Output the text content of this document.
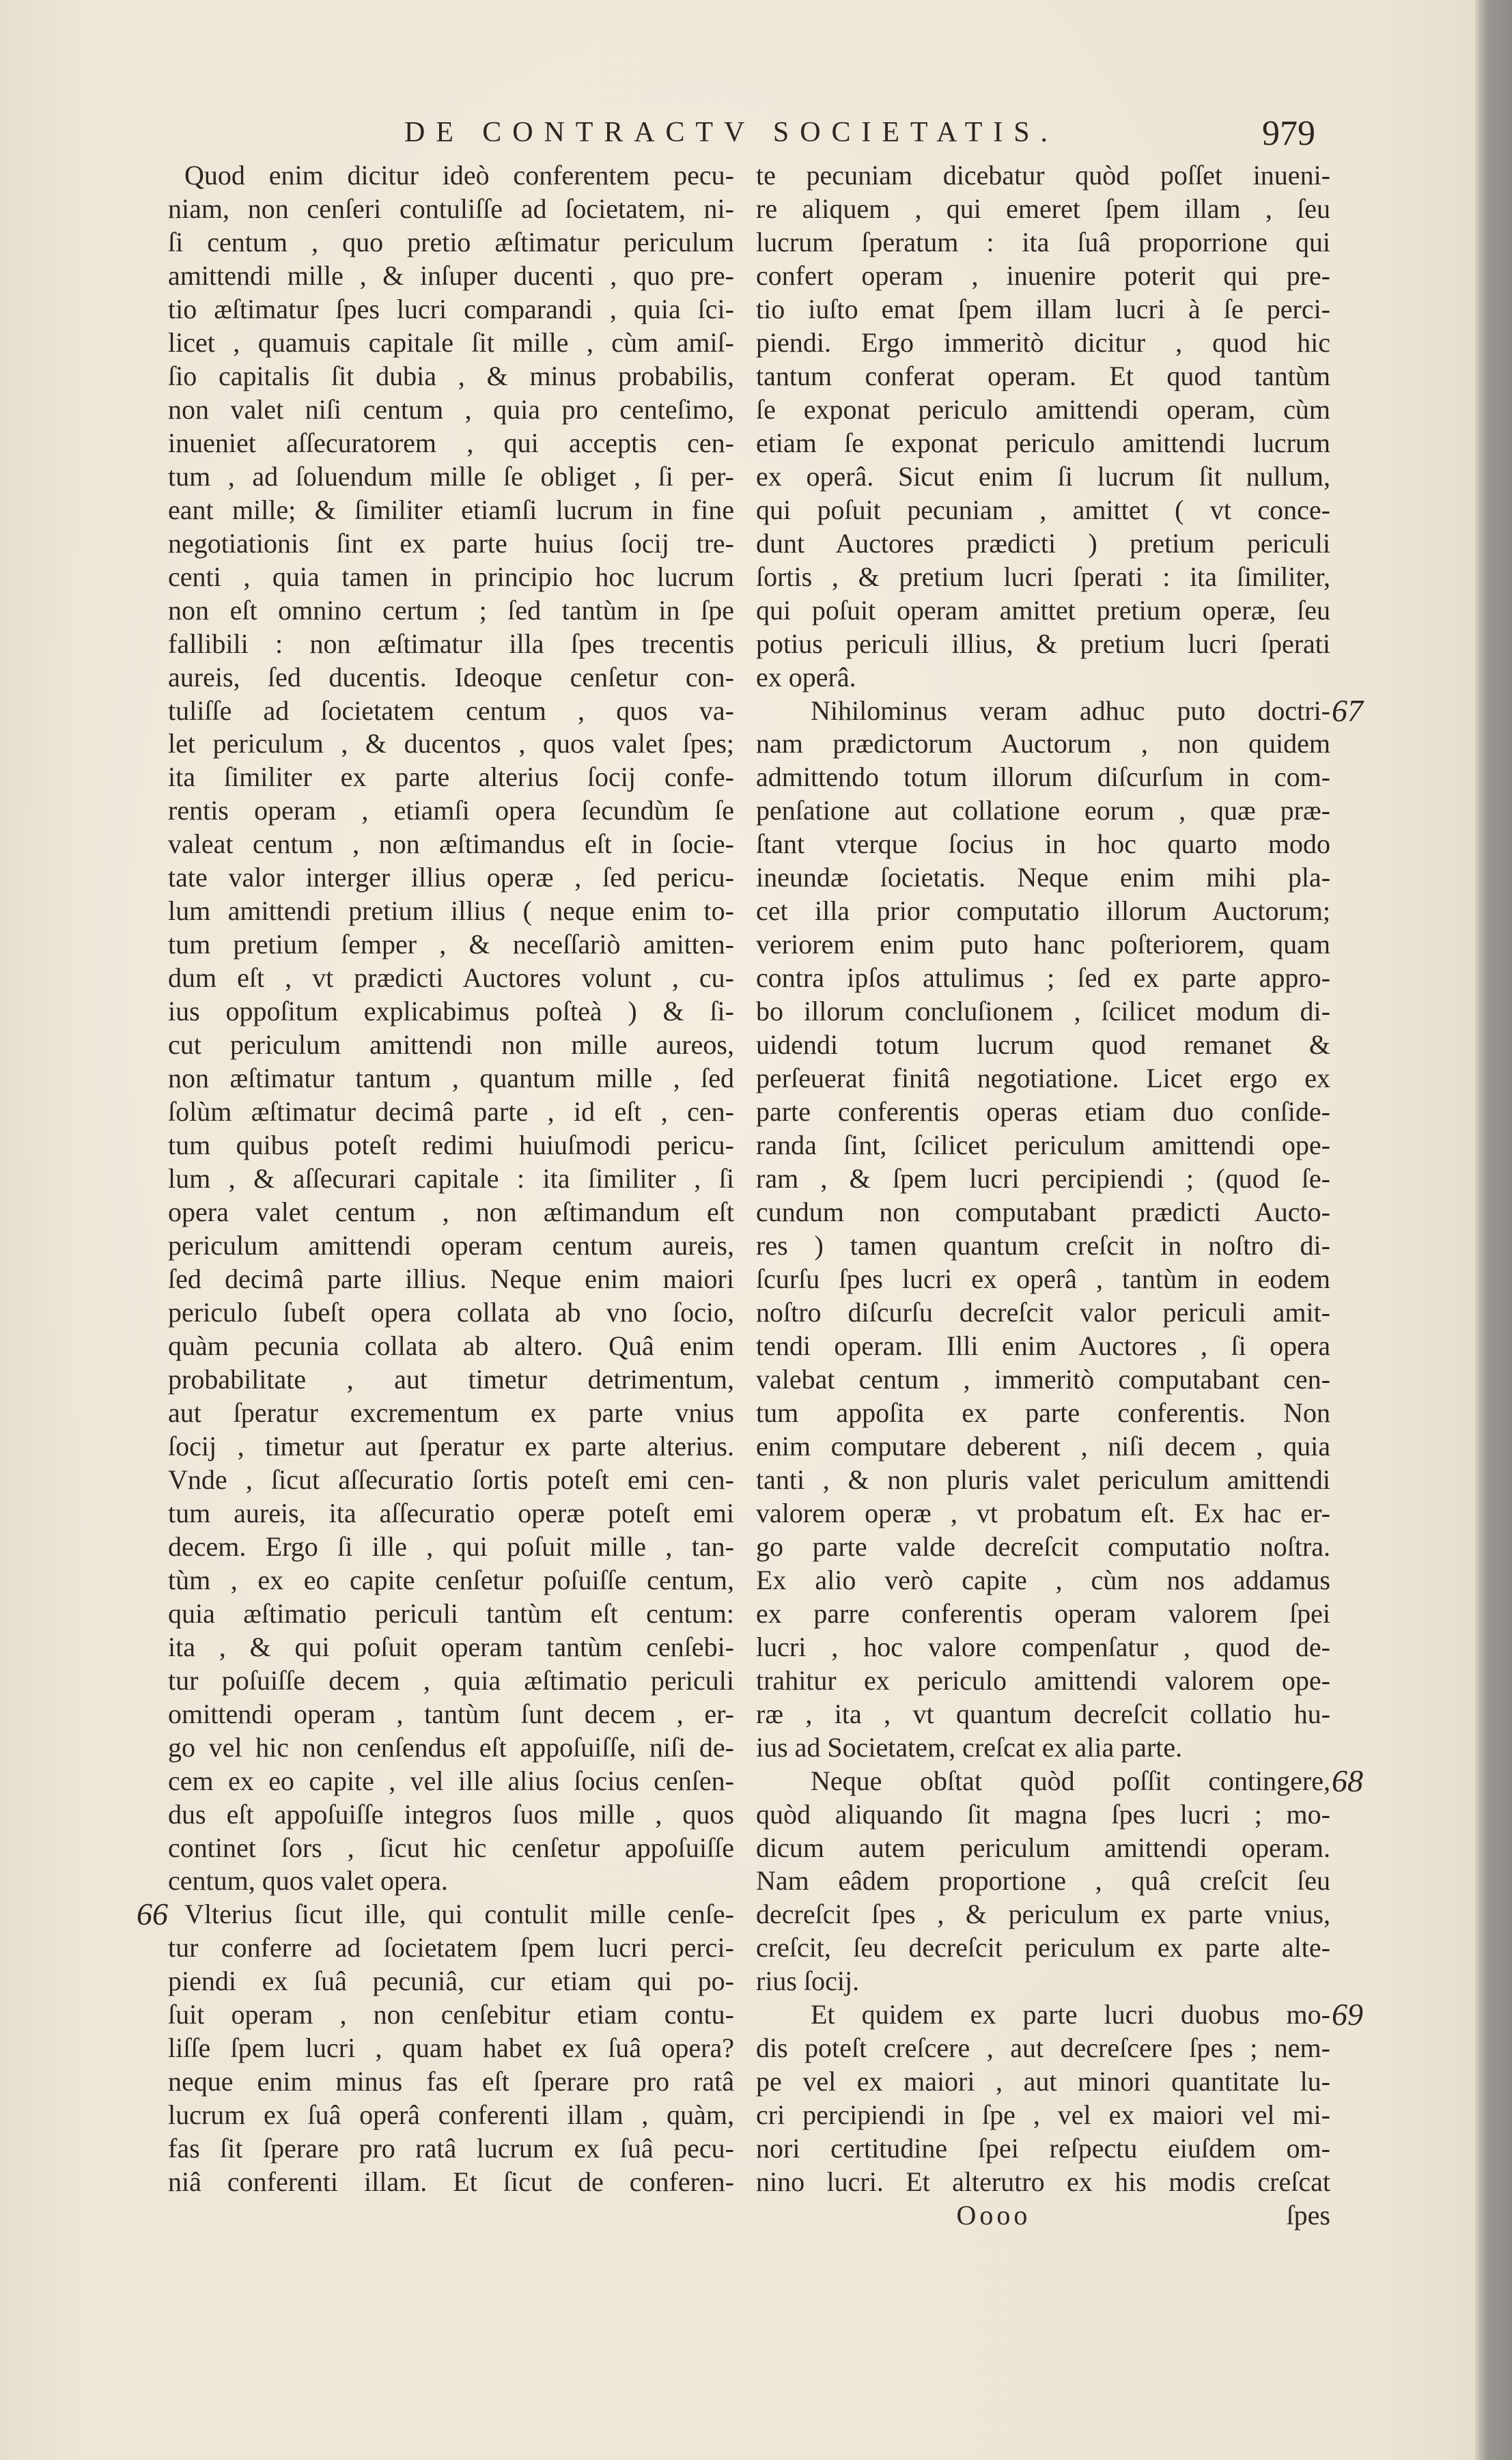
DE CONTRACTV SOCIETATIS.	979
Quod enim dicitur ideò conferentem pecu-
niam, non cenſeri contuliſſe ad ſocietatem, ni-
ſi centum , quo pretio æſtimatur periculum
amittendi mille , & inſuper ducenti , quo pre-
tio æſtimatur ſpes lucri comparandi , quia ſci-
licet , quamuis capitale ſit mille , cùm amiſ-
ſio capitalis ſit dubia , & minus probabilis,
non valet niſi centum , quia pro centeſimo,
inueniet aſſecuratorem , qui acceptis cen-
tum , ad ſoluendum mille ſe obliget , ſi per-
eant mille; & ſimiliter etiamſi lucrum in fine
negotiationis ſint ex parte huius ſocij tre-
centi , quia tamen in principio hoc lucrum
non eſt omnino certum ; ſed tantùm in ſpe
fallibili : non æſtimatur illa ſpes trecentis
aureis, ſed ducentis. Ideoque cenſetur con-
tuliſſe ad ſocietatem centum , quos va-
let periculum , & ducentos , quos valet ſpes;
ita ſimiliter ex parte alterius ſocij confe-
rentis operam , etiamſi opera ſecundùm ſe
valeat centum , non æſtimandus eſt in ſocie-
tate valor interger illius operæ , ſed pericu-
lum amittendi pretium illius ( neque enim to-
tum pretium ſemper , & neceſſariò amitten-
dum eſt , vt prædicti Auctores volunt , cu-
ius oppoſitum explicabimus poſteà ) & ſi-
cut periculum amittendi non mille aureos,
non æſtimatur tantum , quantum mille , ſed
ſolùm æſtimatur decimâ parte , id eſt , cen-
tum quibus poteſt redimi huiuſmodi pericu-
lum , & aſſecurari capitale : ita ſimiliter , ſi
opera valet centum , non æſtimandum eſt
periculum amittendi operam centum aureis,
ſed decimâ parte illius. Neque enim maiori
periculo ſubeſt opera collata ab vno ſocio,
quàm pecunia collata ab altero. Quâ enim
probabilitate , aut timetur detrimentum,
aut ſperatur excrementum ex parte vnius
ſocij , timetur aut ſperatur ex parte alterius.
Vnde , ſicut aſſecuratio ſortis poteſt emi cen-
tum aureis, ita aſſecuratio operæ poteſt emi
decem. Ergo ſi ille , qui poſuit mille , tan-
tùm , ex eo capite cenſetur poſuiſſe centum,
quia æſtimatio periculi tantùm eſt centum:
ita , & qui poſuit operam tantùm cenſebi-
tur poſuiſſe decem , quia æſtimatio periculi
omittendi operam , tantùm ſunt decem , er-
go vel hic non cenſendus eſt appoſuiſſe, niſi de-
cem ex eo capite , vel ille alius ſocius cenſen-
dus eſt appoſuiſſe integros ſuos mille , quos
continet ſors , ſicut hic cenſetur appoſuiſſe
centum, quos valet opera.
66 Vlterius ſicut ille, qui contulit mille cenſe-
tur conferre ad ſocietatem ſpem lucri perci-
piendi ex ſuâ pecuniâ, cur etiam qui po-
ſuit operam , non cenſebitur etiam contu-
liſſe ſpem lucri , quam habet ex ſuâ opera?
neque enim minus fas eſt ſperare pro ratâ
lucrum ex ſuâ operâ conferenti illam , quàm,
fas ſit ſperare pro ratâ lucrum ex ſuâ pecu-
niâ conferenti illam. Et ſicut de conferen-
te pecuniam dicebatur quòd poſſet inueni-
re aliquem , qui emeret ſpem illam , ſeu
lucrum ſperatum : ita ſuâ proporrione qui
confert operam , inuenire poterit qui pre-
tio iuſto emat ſpem illam lucri à ſe perci-
piendi. Ergo immeritò dicitur , quod hic
tantum conferat operam. Et quod tantùm
ſe exponat periculo amittendi operam, cùm
etiam ſe exponat periculo amittendi lucrum
ex operâ. Sicut enim ſi lucrum ſit nullum,
qui poſuit pecuniam , amittet ( vt conce-
dunt Auctores prædicti ) pretium periculi
ſortis , & pretium lucri ſperati : ita ſimiliter,
qui poſuit operam amittet pretium operæ, ſeu
potius periculi illius, & pretium lucri ſperati
ex operâ.
67
Nihilominus veram adhuc puto doctri-
nam prædictorum Auctorum , non quidem
admittendo totum illorum diſcurſum in com-
penſatione aut collatione eorum , quæ præ-
ſtant vterque ſocius in hoc quarto modo
ineundæ ſocietatis. Neque enim mihi pla-
cet illa prior computatio illorum Auctorum;
veriorem enim puto hanc poſteriorem, quam
contra ipſos attulimus ; ſed ex parte appro-
bo illorum concluſionem , ſcilicet modum di-
uidendi totum lucrum quod remanet &
perſeuerat finitâ negotiatione. Licet ergo ex
parte conferentis operas etiam duo conſide-
randa ſint, ſcilicet periculum amittendi ope-
ram , & ſpem lucri percipiendi ; (quod ſe-
cundum non computabant prædicti Aucto-
res ) tamen quantum creſcit in noſtro di-
ſcurſu ſpes lucri ex operâ , tantùm in eodem
noſtro diſcurſu decreſcit valor periculi amit-
tendi operam. Illi enim Auctores , ſi opera
valebat centum , immeritò computabant cen-
tum appoſita ex parte conferentis. Non
enim computare deberent , niſi decem , quia
tanti , & non pluris valet periculum amittendi
valorem operæ , vt probatum eſt. Ex hac er-
go parte valde decreſcit computatio noſtra.
Ex alio verò capite , cùm nos addamus
ex parre conferentis operam valorem ſpei
lucri , hoc valore compenſatur , quod de-
trahitur ex periculo amittendi valorem ope-
ræ , ita , vt quantum decreſcit collatio hu-
ius ad Societatem, creſcat ex alia parte.
68
Neque obſtat quòd poſſit contingere,
quòd aliquando ſit magna ſpes lucri ; mo-
dicum autem periculum amittendi operam.
Nam eâdem proportione , quâ creſcit ſeu
decreſcit ſpes , & periculum ex parte vnius,
creſcit, ſeu decreſcit periculum ex parte alte-
rius ſocij.
69
Et quidem ex parte lucri duobus mo-
dis poteſt creſcere , aut decreſcere ſpes ; nem-
pe vel ex maiori , aut minori quantitate lu-
cri percipiendi in ſpe , vel ex maiori vel mi-
nori certitudine ſpei reſpectu eiuſdem om-
nino lucri. Et alterutro ex his modis creſcat
Oooo	ſpes
